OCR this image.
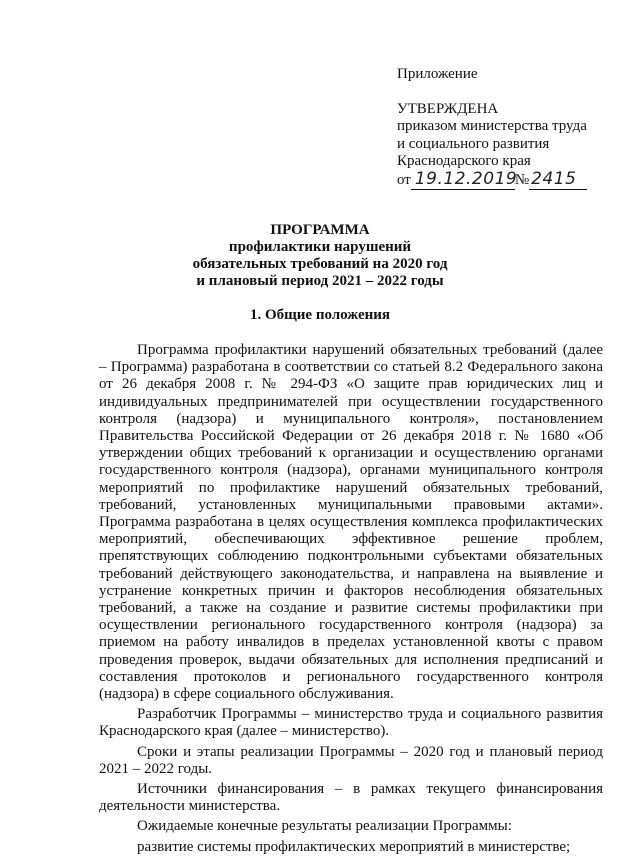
Приложение
УТВЕРЖДЕНА
приказом министерства труда
и социального развития
Краснодарского края
от 19.12.2019№ 2415
ПРОГРАММА
профилактики нарушений
обязательных требований на 2020 год
и плановый период 2021 – 2022 годы
1. Общие положения

Программа профилактики нарушений обязательных требований (далее – Программа) разработана в соответствии со статьей 8.2 Федерального закона от 26 декабря 2008 г. № 294-ФЗ «О защите прав юридических лиц и индивидуальных предпринимателей при осуществлении государственного контроля (надзора) и муниципального контроля», постановлением Правительства Российской Федерации от 26 декабря 2018 г. № 1680 «Об утверждении общих требований к организации и осуществлению органами государственного контроля (надзора), органами муниципального контроля мероприятий по профилактике нарушений обязательных требований, требований, установленных муниципальными правовыми актами». Программа разработана в целях осуществления комплекса профилактических мероприятий, обеспечивающих эффективное решение проблем, препятствующих соблюдению подконтрольными субъектами обязательных требований действующего законодательства, и направлена на выявление и устранение конкретных причин и факторов несоблюдения обязательных требований, а также на создание и развитие системы профилактики при осуществлении регионального государственного контроля (надзора) за приемом на работу инвалидов в пределах установленной квоты с правом проведения проверок, выдачи обязательных для исполнения предписаний и составления протоколов и регионального государственного контроля (надзора) в сфере социального обслуживания.

Разработчик Программы – министерство труда и социального развития Краснодарского края (далее – министерство).

Сроки и этапы реализации Программы – 2020 год и плановый период 2021 – 2022 годы.

Источники финансирования – в рамках текущего финансирования деятельности министерства.

Ожидаемые конечные результаты реализации Программы:

развитие системы профилактических мероприятий в министерстве;
